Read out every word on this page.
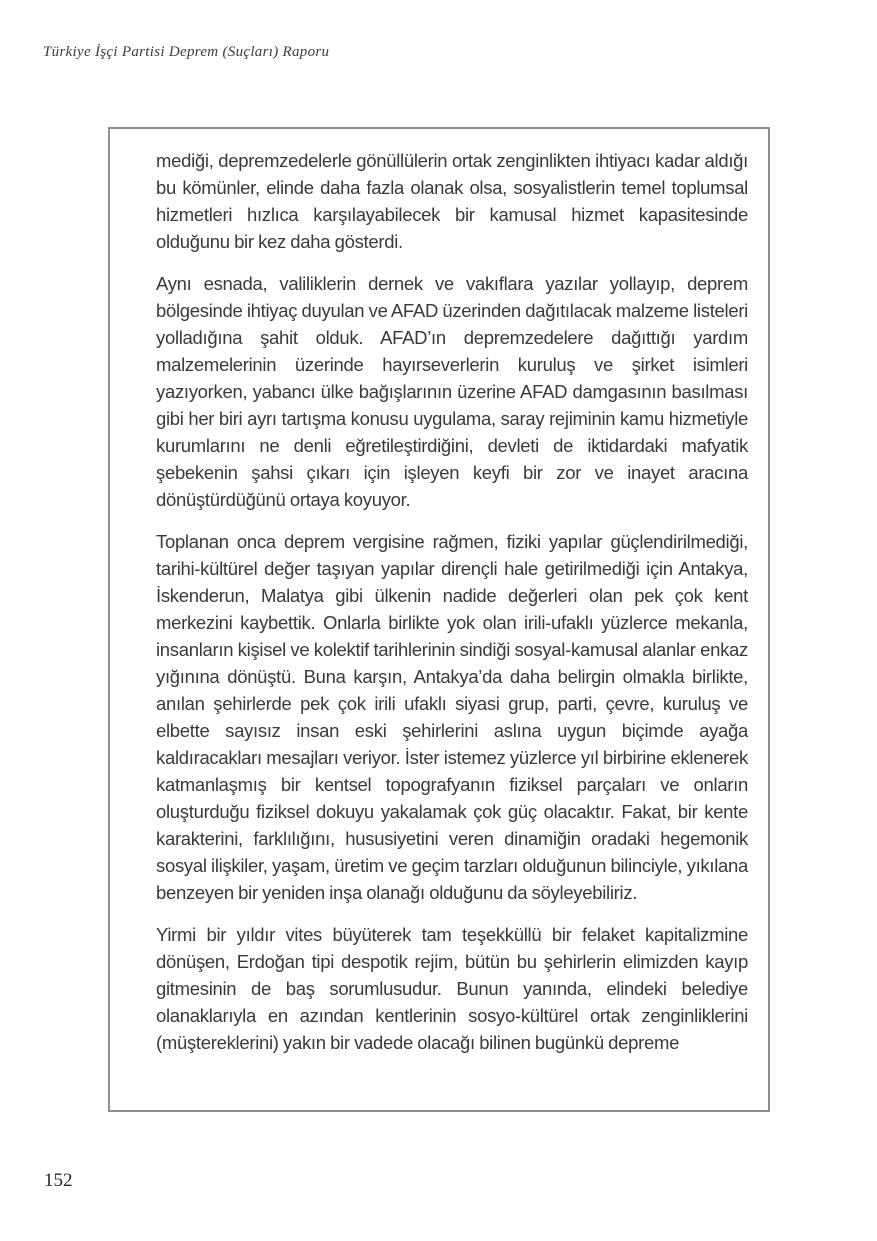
Türkiye İşçi Partisi Deprem (Suçları) Raporu

mediği, depremzedelerle gönüllülerin ortak zenginlikten ihtiyacı kadar aldığı bu kömünler, elinde daha fazla olanak olsa, sosyalistlerin temel toplumsal hizmetleri hızlıca karşılayabilecek bir kamusal hizmet kapasitesinde olduğunu bir kez daha gösterdi.

Aynı esnada, valiliklerin dernek ve vakıflara yazılar yollayıp, deprem bölgesinde ihtiyaç duyulan ve AFAD üzerinden dağıtılacak malzeme listeleri yolladığına şahit olduk. AFAD’ın depremzedelere dağıttığı yardım malzemelerinin üzerinde hayırseverlerin kuruluş ve şirket isimleri yazıyorken, yabancı ülke bağışlarının üzerine AFAD damgasının basılması gibi her biri ayrı tartışma konusu uygulama, saray rejiminin kamu hizmetiyle kurumlarını ne denli eğretileştirdiğini, devleti de iktidardaki mafyatik şebekenin şahsi çıkarı için işleyen keyfi bir zor ve inayet aracına dönüştürdüğünü ortaya koyuyor.

Toplanan onca deprem vergisine rağmen, fiziki yapılar güçlendirilmediği, tarihi-kültürel değer taşıyan yapılar dirençli hale getirilmediği için Antakya, İskenderun, Malatya gibi ülkenin nadide değerleri olan pek çok kent merkezini kaybettik. Onlarla birlikte yok olan irili-ufaklı yüzlerce mekanla, insanların kişisel ve kolektif tarihlerinin sindiği sosyal-kamusal alanlar enkaz yığınına dönüştü. Buna karşın, Antakya’da daha belirgin olmakla birlikte, anılan şehirlerde pek çok irili ufaklı siyasi grup, parti, çevre, kuruluş ve elbette sayısız insan eski şehirlerini aslına uygun biçimde ayağa kaldıracakları mesajları veriyor. İster istemez yüzlerce yıl birbirine eklenerek katmanlaşmış bir kentsel topografyanın fiziksel parçaları ve onların oluşturduğu fiziksel dokuyu yakalamak çok güç olacaktır. Fakat, bir kente karakterini, farklılığını, hususiyetini veren dinamiğin oradaki hegemonik sosyal ilişkiler, yaşam, üretim ve geçim tarzları olduğunun bilinciyle, yıkılana benzeyen bir yeniden inşa olanağı olduğunu da söyleyebiliriz.

Yirmi bir yıldır vites büyüterek tam teşekküllü bir felaket kapitalizmine dönüşen, Erdoğan tipi despotik rejim, bütün bu şehirlerin elimizden kayıp gitmesinin de baş sorumlusudur. Bunun yanında, elindeki belediye olanaklarıyla en azından kentlerinin sosyo-kültürel ortak zenginliklerini (müştereklerini) yakın bir vadede olacağı bilinen bugünkü depreme

152
